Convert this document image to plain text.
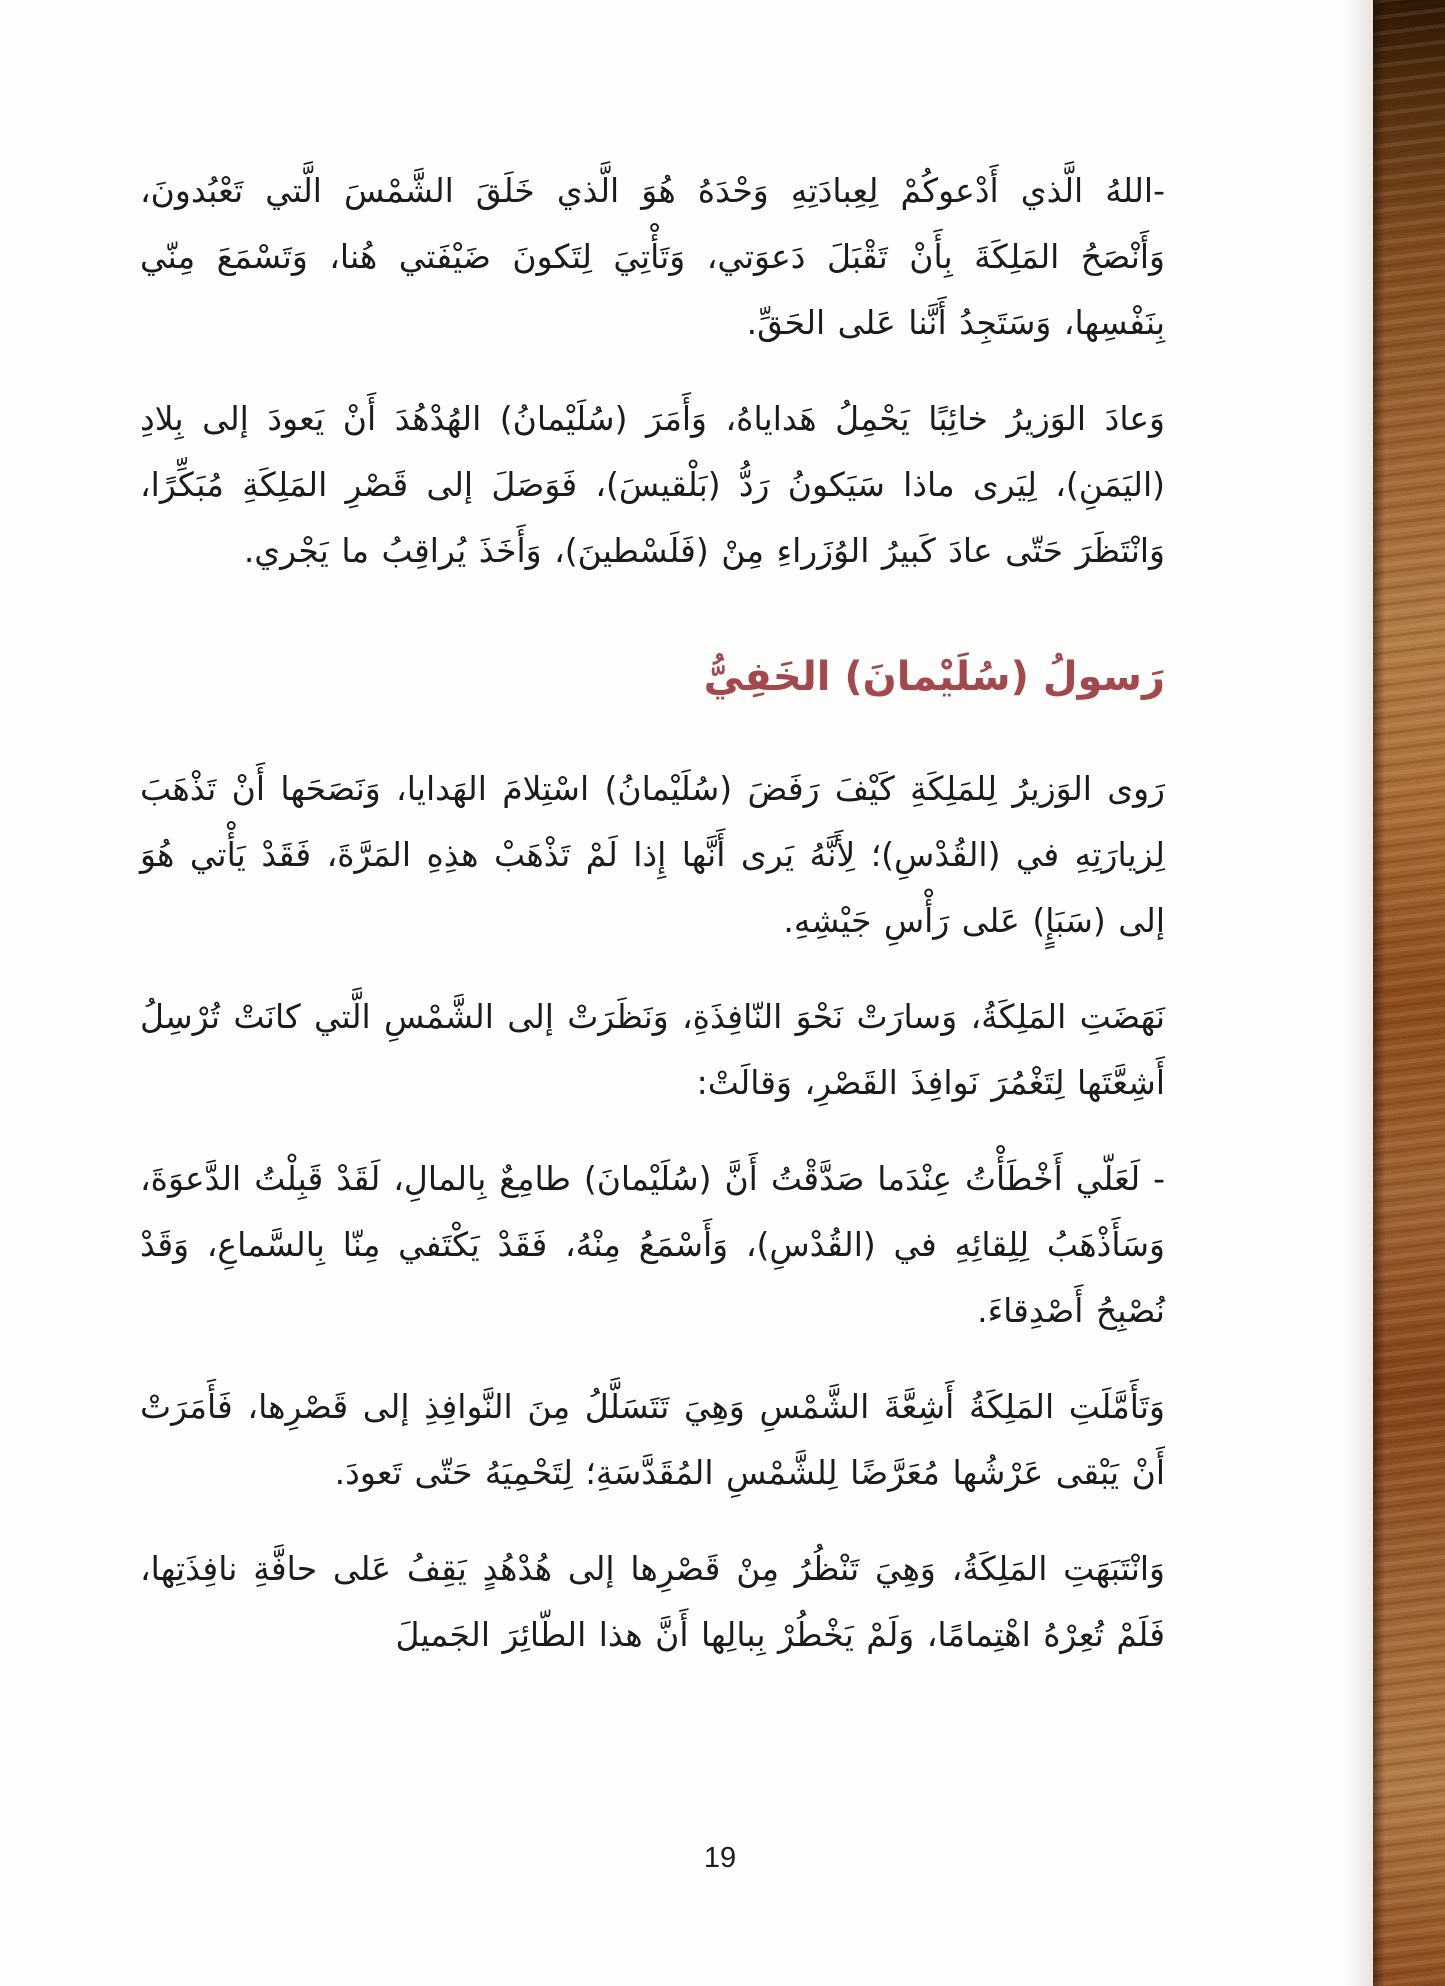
-اللهُ الَّذي أَدْعوكُمْ لِعِبادَتِهِ وَحْدَهُ هُوَ الَّذي خَلَقَ الشَّمْسَ الَّتي تَعْبُدونَ، وَأَنْصَحُ المَلِكَةَ بِأَنْ تَقْبَلَ دَعوَتي، وَتَأْتِيَ لِتَكونَ ضَيْفَتي هُنا، وَتَسْمَعَ مِنّي بِنَفْسِها، وَسَتَجِدُ أَنَّنا عَلى الحَقِّ.

وَعادَ الوَزيرُ خائِبًا يَحْمِلُ هَداياهُ، وَأَمَرَ (سُلَيْمانُ) الهُدْهُدَ أَنْ يَعودَ إلى بِلادِ (اليَمَنِ)، لِيَرى ماذا سَيَكونُ رَدُّ (بَلْقيسَ)، فَوَصَلَ إلى قَصْرِ المَلِكَةِ مُبَكِّرًا، وَانْتَظَرَ حَتّى عادَ كَبيرُ الوُزَراءِ مِنْ (فَلَسْطينَ)، وَأَخَذَ يُراقِبُ ما يَجْري.

رَسولُ (سُلَيْمانَ) الخَفِيُّ

رَوى الوَزيرُ لِلمَلِكَةِ كَيْفَ رَفَضَ (سُلَيْمانُ) اسْتِلامَ الهَدايا، وَنَصَحَها أَنْ تَذْهَبَ لِزيارَتِهِ في (القُدْسِ)؛ لِأَنَّهُ يَرى أَنَّها إِذا لَمْ تَذْهَبْ هذِهِ المَرَّةَ، فَقَدْ يَأْتي هُوَ إلى (سَبَإٍ) عَلى رَأْسِ جَيْشِهِ.

نَهَضَتِ المَلِكَةُ، وَسارَتْ نَحْوَ النّافِذَةِ، وَنَظَرَتْ إلى الشَّمْسِ الَّتي كانَتْ تُرْسِلُ أَشِعَّتَها لِتَغْمُرَ نَوافِذَ القَصْرِ، وَقالَتْ:

- لَعَلّي أَخْطَأْتُ عِنْدَما صَدَّقْتُ أَنَّ (سُلَيْمانَ) طامِعٌ بِالمالِ، لَقَدْ قَبِلْتُ الدَّعوَةَ، وَسَأَذْهَبُ لِلِقائِهِ في (القُدْسِ)، وَأَسْمَعُ مِنْهُ، فَقَدْ يَكْتَفي مِنّا بِالسَّماعِ، وَقَدْ نُصْبِحُ أَصْدِقاءَ.

وَتَأَمَّلَتِ المَلِكَةُ أَشِعَّةَ الشَّمْسِ وَهِيَ تَتَسَلَّلُ مِنَ النَّوافِذِ إلى قَصْرِها، فَأَمَرَتْ أَنْ يَبْقى عَرْشُها مُعَرَّضًا لِلشَّمْسِ المُقَدَّسَةِ؛ لِتَحْمِيَهُ حَتّى تَعودَ.

وَانْتَبَهَتِ المَلِكَةُ، وَهِيَ تَنْظُرُ مِنْ قَصْرِها إلى هُدْهُدٍ يَقِفُ عَلى حافَّةِ نافِذَتِها، فَلَمْ تُعِرْهُ اهْتِمامًا، وَلَمْ يَخْطُرْ بِبالِها أَنَّ هذا الطّائِرَ الجَميلَ

19
